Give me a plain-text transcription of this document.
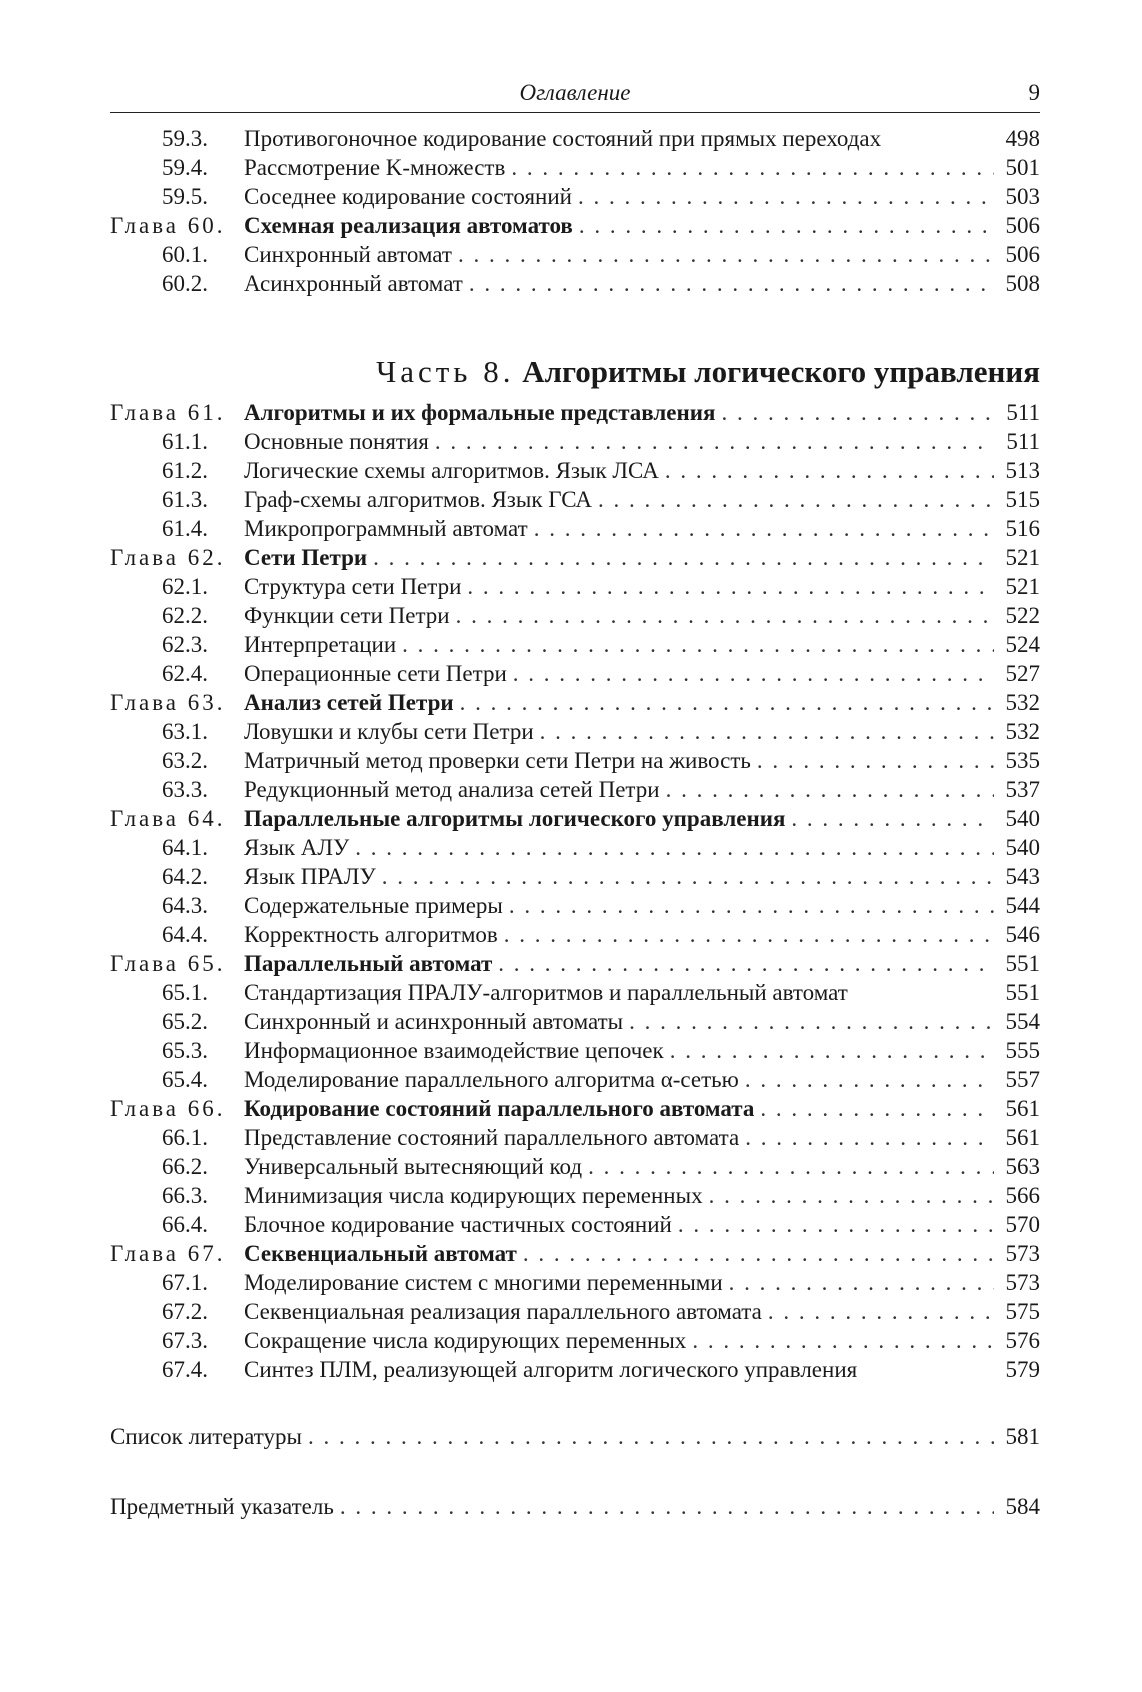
Оглавление	9
59.3.	Противогоночное кодирование состояний при прямых переходах	498
59.4.	Рассмотрение K-множеств . . .	501
59.5.	Соседнее кодирование состояний . . .	503
Глава 60. Схемная реализация автоматов . . .	506
60.1.	Синхронный автомат . . .	506
60.2.	Асинхронный автомат . . .	508
Часть 8. Алгоритмы логического управления
Глава 61. Алгоритмы и их формальные представления . . .	511
61.1.	Основные понятия . . .	511
61.2.	Логические схемы алгоритмов. Язык ЛСА . . .	513
61.3.	Граф-схемы алгоритмов. Язык ГСА . . .	515
61.4.	Микропрограммный автомат . . .	516
Глава 62. Сети Петри . . .	521
62.1.	Структура сети Петри . . .	521
62.2.	Функции сети Петри . . .	522
62.3.	Интерпретации . . .	524
62.4.	Операционные сети Петри . . .	527
Глава 63. Анализ сетей Петри . . .	532
63.1.	Ловушки и клубы сети Петри . . .	532
63.2.	Матричный метод проверки сети Петри на живость . . .	535
63.3.	Редукционный метод анализа сетей Петри . . .	537
Глава 64. Параллельные алгоритмы логического управления . . .	540
64.1.	Язык АЛУ . . .	540
64.2.	Язык ПРАЛУ . . .	543
64.3.	Содержательные примеры . . .	544
64.4.	Корректность алгоритмов . . .	546
Глава 65. Параллельный автомат . . .	551
65.1.	Стандартизация ПРАЛУ-алгоритмов и параллельный автомат	551
65.2.	Синхронный и асинхронный автоматы . . .	554
65.3.	Информационное взаимодействие цепочек . . .	555
65.4.	Моделирование параллельного алгоритма α-сетью . . .	557
Глава 66. Кодирование состояний параллельного автомата . . .	561
66.1.	Представление состояний параллельного автомата . . .	561
66.2.	Универсальный вытесняющий код . . .	563
66.3.	Минимизация числа кодирующих переменных . . .	566
66.4.	Блочное кодирование частичных состояний . . .	570
Глава 67. Секвенциальный автомат . . .	573
67.1.	Моделирование систем с многими переменными . . .	573
67.2.	Секвенциальная реализация параллельного автомата . . .	575
67.3.	Сокращение числа кодирующих переменных . . .	576
67.4.	Синтез ПЛМ, реализующей алгоритм логического управления	579
Список литературы . . .	581
Предметный указатель . . .	584
